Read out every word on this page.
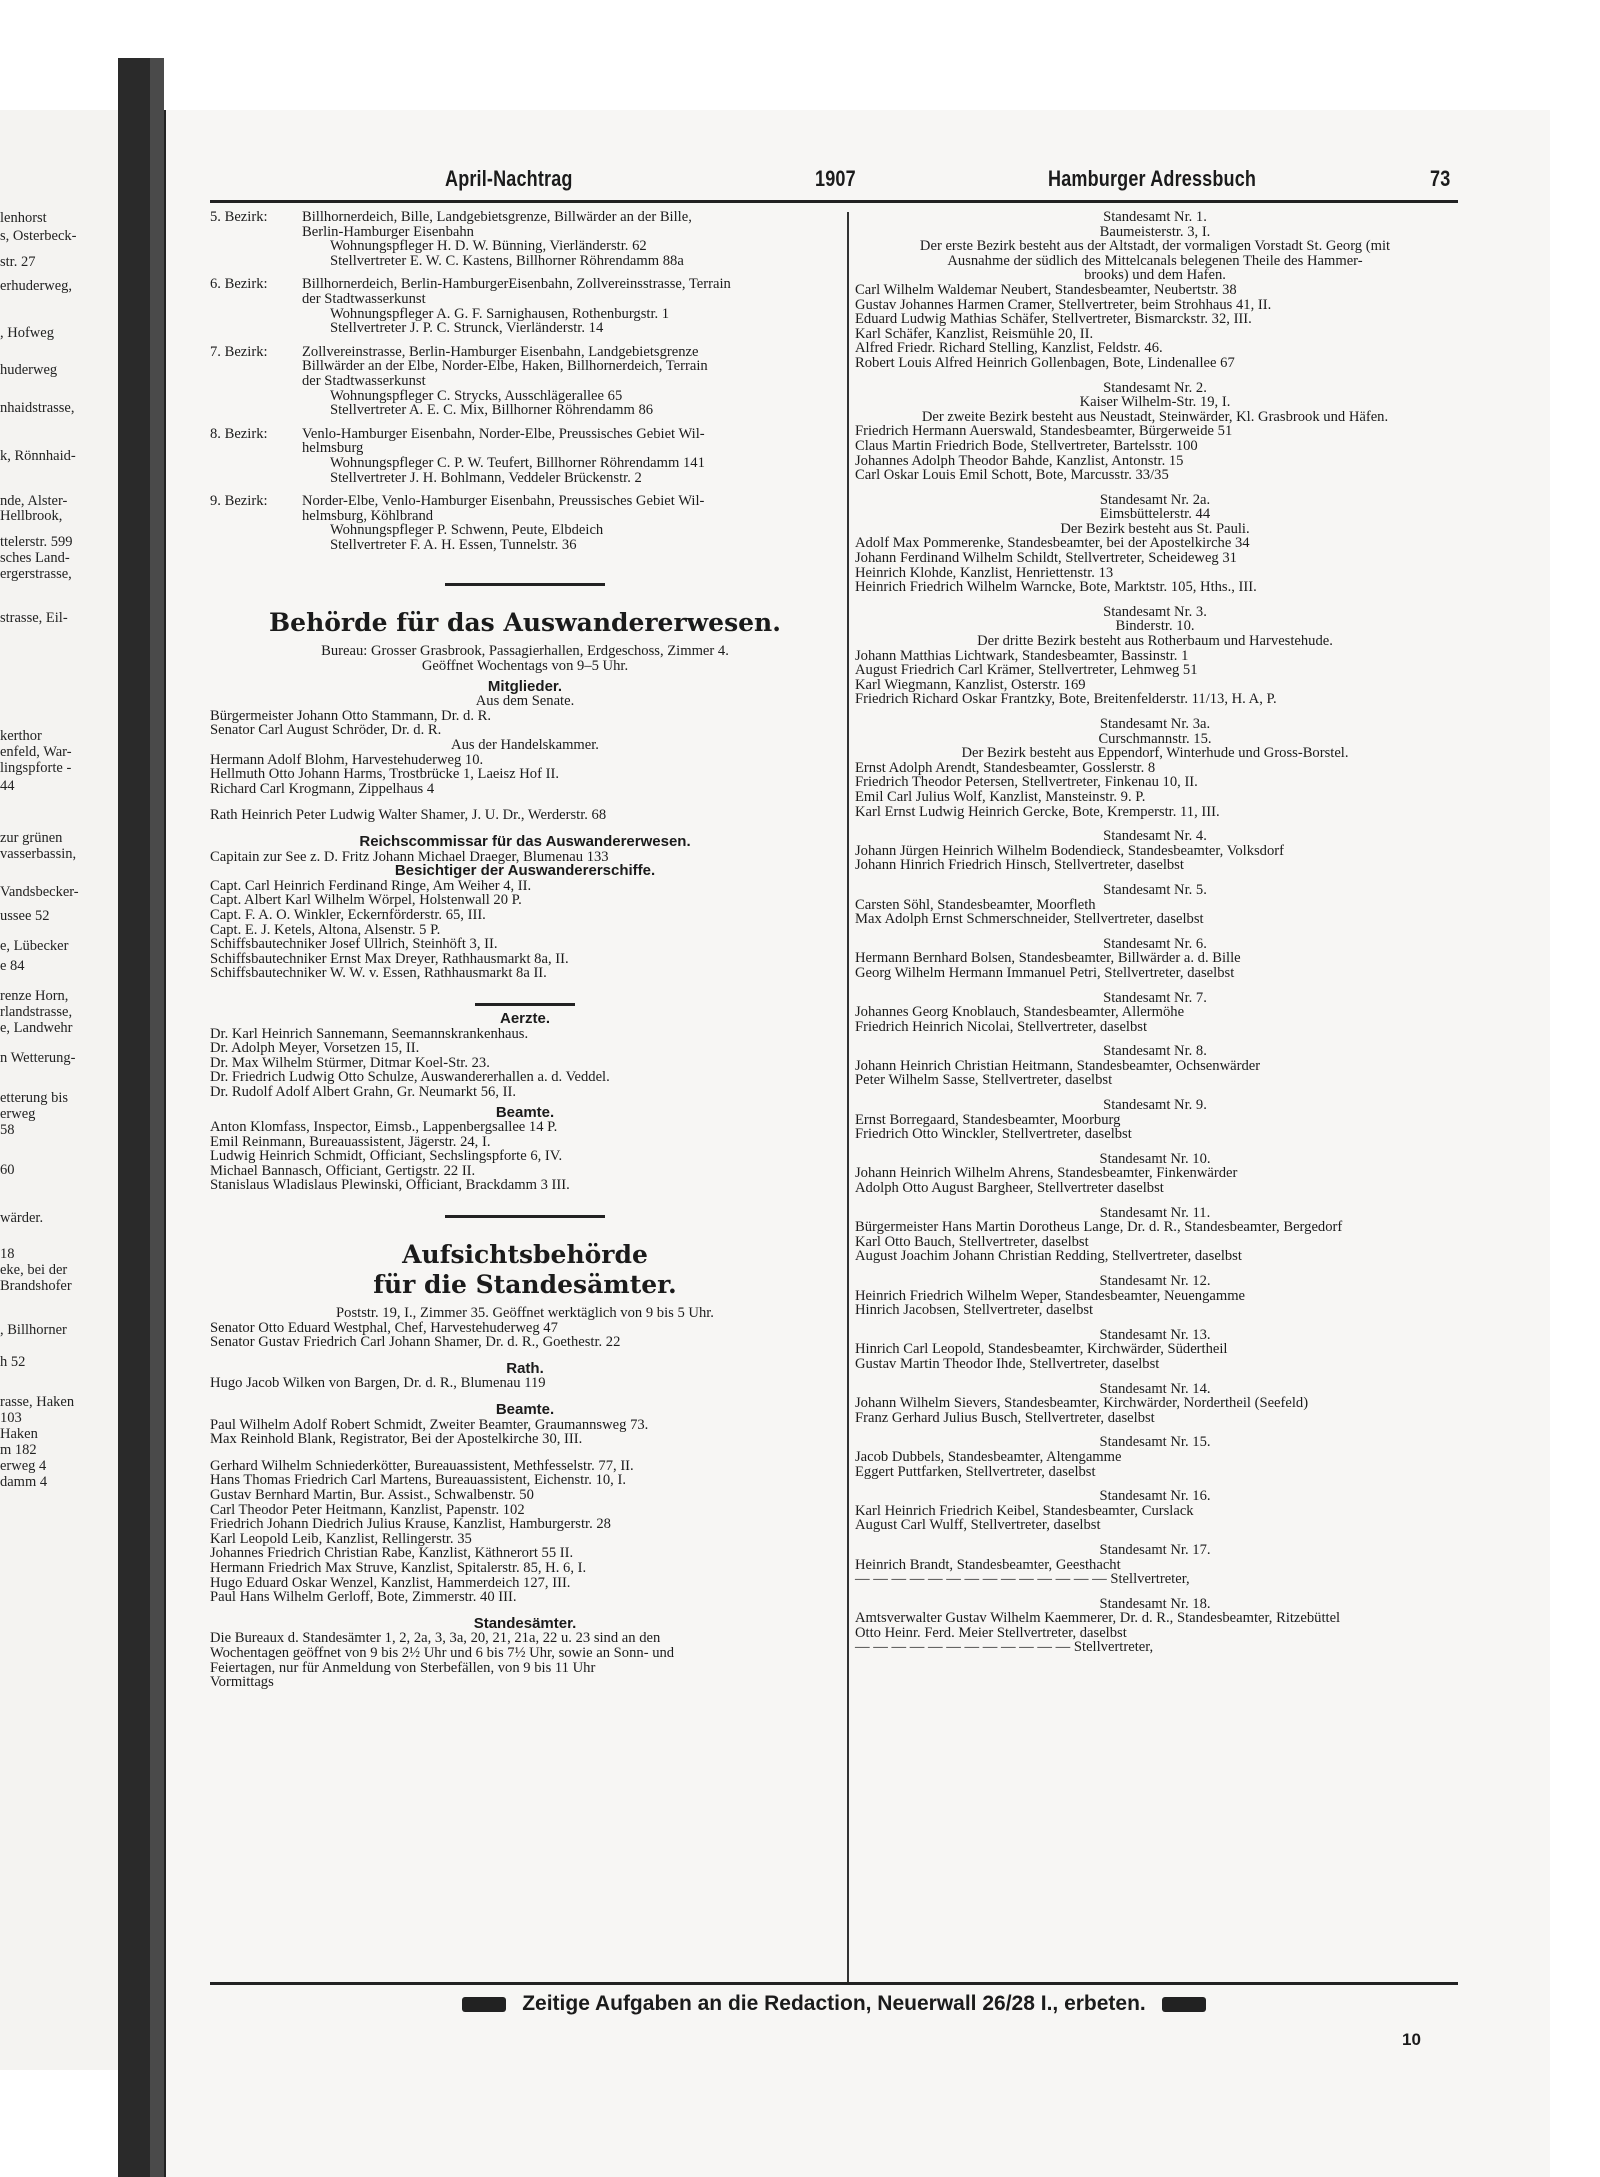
lenhorst
s, Osterbeck-
str. 27
erhuderweg,
, Hofweg
huderweg
nhaidstrasse,
k, Rönnhaid-
nde, Alster-
Hellbrook,
ttelerstr. 599
sches Land-
ergerstrasse,
strasse, Eil-
kerthor
enfeld, War-
lingspforte -
44
zur grünen
vasserbassin,
Vandsbecker-
ussee 52
e, Lübecker
e 84
renze Horn,
rlandstrasse,
e, Landwehr
n Wetterung-
etterung bis
erweg
58
60
wärder.
18
eke, bei der
Brandshofer
, Billhorner
h 52
rasse, Haken
103
Haken
m 182
erweg 4
damm 4
April-Nachtrag	1907	Hamburger Adressbuch	73
5. Bezirk:	Billhornerdeich, Bille, Landgebietsgrenze, Billwärder an der Bille,
Berlin-Hamburger Eisenbahn
Wohnungspfleger H. D. W. Bünning, Vierländerstr. 62
Stellvertreter E. W. C. Kastens, Billhorner Röhrendamm 88a
6. Bezirk:	Billhornerdeich, Berlin-HamburgerEisenbahn, Zollvereinsstrasse, Terrain
der Stadtwasserkunst
Wohnungspfleger A. G. F. Sarnighausen, Rothenburgstr. 1
Stellvertreter J. P. C. Strunck, Vierländerstr. 14
7. Bezirk:	Zollvereinstrasse, Berlin-Hamburger Eisenbahn, Landgebietsgrenze
Billwärder an der Elbe, Norder-Elbe, Haken, Billhornerdeich, Terrain
der Stadtwasserkunst
Wohnungspfleger C. Strycks, Ausschlägerallee 65
Stellvertreter A. E. C. Mix, Billhorner Röhrendamm 86
8. Bezirk:	Venlo-Hamburger Eisenbahn, Norder-Elbe, Preussisches Gebiet Wil-
helmsburg
Wohnungspfleger C. P. W. Teufert, Billhorner Röhrendamm 141
Stellvertreter J. H. Bohlmann, Veddeler Brückenstr. 2
9. Bezirk:	Norder-Elbe, Venlo-Hamburger Eisenbahn, Preussisches Gebiet Wil-
helmsburg, Köhlbrand
Wohnungspfleger P. Schwenn, Peute, Elbdeich
Stellvertreter F. A. H. Essen, Tunnelstr. 36
Behörde für das Auswandererwesen.
Bureau: Grosser Grasbrook, Passagierhallen, Erdgeschoss, Zimmer 4.
Geöffnet Wochentags von 9–5 Uhr.
Mitglieder.
Aus dem Senate.
Bürgermeister Johann Otto Stammann, Dr. d. R.
Senator Carl August Schröder, Dr. d. R.
Aus der Handelskammer.
Hermann Adolf Blohm, Harvestehuderweg 10.
Hellmuth Otto Johann Harms, Trostbrücke 1, Laeisz Hof II.
Richard Carl Krogmann, Zippelhaus 4
Rath Heinrich Peter Ludwig Walter Shamer, J. U. Dr., Werderstr. 68
Reichscommissar für das Auswandererwesen.
Capitain zur See z. D. Fritz Johann Michael Draeger, Blumenau 133
Besichtiger der Auswandererschiffe.
Capt. Carl Heinrich Ferdinand Ringe, Am Weiher 4, II.
Capt. Albert Karl Wilhelm Wörpel, Holstenwall 20 P.
Capt. F. A. O. Winkler, Eckernförderstr. 65, III.
Capt. E. J. Ketels, Altona, Alsenstr. 5 P.
Schiffsbautechniker Josef Ullrich, Steinhöft 3, II.
Schiffsbautechniker Ernst Max Dreyer, Rathhausmarkt 8a, II.
Schiffsbautechniker W. W. v. Essen, Rathhausmarkt 8a II.
Aerzte.
Dr. Karl Heinrich Sannemann, Seemannskrankenhaus.
Dr. Adolph Meyer, Vorsetzen 15, II.
Dr. Max Wilhelm Stürmer, Ditmar Koel-Str. 23.
Dr. Friedrich Ludwig Otto Schulze, Auswandererhallen a. d. Veddel.
Dr. Rudolf Adolf Albert Grahn, Gr. Neumarkt 56, II.
Beamte.
Anton Klomfass, Inspector, Eimsb., Lappenbergsallee 14 P.
Emil Reinmann, Bureauassistent, Jägerstr. 24, I.
Ludwig Heinrich Schmidt, Officiant, Sechslingspforte 6, IV.
Michael Bannasch, Officiant, Gertigstr. 22 II.
Stanislaus Wladislaus Plewinski, Officiant, Brackdamm 3 III.
Aufsichtsbehörde
für die Standesämter.
Poststr. 19, I., Zimmer 35. Geöffnet werktäglich von 9 bis 5 Uhr.
Senator Otto Eduard Westphal, Chef, Harvestehuderweg 47
Senator Gustav Friedrich Carl Johann Shamer, Dr. d. R., Goethestr. 22
Rath.
Hugo Jacob Wilken von Bargen, Dr. d. R., Blumenau 119
Beamte.
Paul Wilhelm Adolf Robert Schmidt, Zweiter Beamter, Graumannsweg 73.
Max Reinhold Blank, Registrator, Bei der Apostelkirche 30, III.
Gerhard Wilhelm Schniederkötter, Bureauassistent, Methfesselstr. 77, II.
Hans Thomas Friedrich Carl Martens, Bureauassistent, Eichenstr. 10, I.
Gustav Bernhard Martin, Bur. Assist., Schwalbenstr. 50
Carl Theodor Peter Heitmann, Kanzlist, Papenstr. 102
Friedrich Johann Diedrich Julius Krause, Kanzlist, Hamburgerstr. 28
Karl Leopold Leib, Kanzlist, Rellingerstr. 35
Johannes Friedrich Christian Rabe, Kanzlist, Käthnerort 55 II.
Hermann Friedrich Max Struve, Kanzlist, Spitalerstr. 85, H. 6, I.
Hugo Eduard Oskar Wenzel, Kanzlist, Hammerdeich 127, III.
Paul Hans Wilhelm Gerloff, Bote, Zimmerstr. 40 III.
Standesämter.
Die Bureaux d. Standesämter 1, 2, 2a, 3, 3a, 20, 21, 21a, 22 u. 23 sind an den
Wochentagen geöffnet von 9 bis 2½ Uhr und 6 bis 7½ Uhr, sowie an Sonn- und
Feiertagen, nur für Anmeldung von Sterbefällen, von 9 bis 11 Uhr
Vormittags
Standesamt Nr. 1.
Baumeisterstr. 3, I.
Der erste Bezirk besteht aus der Altstadt, der vormaligen Vorstadt St. Georg (mit
Ausnahme der südlich des Mittelcanals belegenen Theile des Hammer-
brooks) und dem Hafen.
Carl Wilhelm Waldemar Neubert, Standesbeamter, Neubertstr. 38
Gustav Johannes Harmen Cramer, Stellvertreter, beim Strohhaus 41, II.
Eduard Ludwig Mathias Schäfer, Stellvertreter, Bismarckstr. 32, III.
Karl Schäfer, Kanzlist, Reismühle 20, II.
Alfred Friedr. Richard Stelling, Kanzlist, Feldstr. 46.
Robert Louis Alfred Heinrich Gollenbagen, Bote, Lindenallee 67
Standesamt Nr. 2.
Kaiser Wilhelm-Str. 19, I.
Der zweite Bezirk besteht aus Neustadt, Steinwärder, Kl. Grasbrook und Häfen.
Friedrich Hermann Auerswald, Standesbeamter, Bürgerweide 51
Claus Martin Friedrich Bode, Stellvertreter, Bartelsstr. 100
Johannes Adolph Theodor Bahde, Kanzlist, Antonstr. 15
Carl Oskar Louis Emil Schott, Bote, Marcusstr. 33/35
Standesamt Nr. 2a.
Eimsbüttelerstr. 44
Der Bezirk besteht aus St. Pauli.
Adolf Max Pommerenke, Standesbeamter, bei der Apostelkirche 34
Johann Ferdinand Wilhelm Schildt, Stellvertreter, Scheideweg 31
Heinrich Klohde, Kanzlist, Henriettenstr. 13
Heinrich Friedrich Wilhelm Warncke, Bote, Marktstr. 105, Hths., III.
Standesamt Nr. 3.
Binderstr. 10.
Der dritte Bezirk besteht aus Rotherbaum und Harvestehude.
Johann Matthias Lichtwark, Standesbeamter, Bassinstr. 1
August Friedrich Carl Krämer, Stellvertreter, Lehmweg 51
Karl Wiegmann, Kanzlist, Osterstr. 169
Friedrich Richard Oskar Frantzky, Bote, Breitenfelderstr. 11/13, H. A, P.
Standesamt Nr. 3a.
Curschmannstr. 15.
Der Bezirk besteht aus Eppendorf, Winterhude und Gross-Borstel.
Ernst Adolph Arendt, Standesbeamter, Gosslerstr. 8
Friedrich Theodor Petersen, Stellvertreter, Finkenau 10, II.
Emil Carl Julius Wolf, Kanzlist, Mansteinstr. 9. P.
Karl Ernst Ludwig Heinrich Gercke, Bote, Kremperstr. 11, III.
Standesamt Nr. 4.
Johann Jürgen Heinrich Wilhelm Bodendieck, Standesbeamter, Volksdorf
Johann Hinrich Friedrich Hinsch, Stellvertreter, daselbst
Standesamt Nr. 5.
Carsten Söhl, Standesbeamter, Moorfleth
Max Adolph Ernst Schmerschneider, Stellvertreter, daselbst
Standesamt Nr. 6.
Hermann Bernhard Bolsen, Standesbeamter, Billwärder a. d. Bille
Georg Wilhelm Hermann Immanuel Petri, Stellvertreter, daselbst
Standesamt Nr. 7.
Johannes Georg Knoblauch, Standesbeamter, Allermöhe
Friedrich Heinrich Nicolai, Stellvertreter, daselbst
Standesamt Nr. 8.
Johann Heinrich Christian Heitmann, Standesbeamter, Ochsenwärder
Peter Wilhelm Sasse, Stellvertreter, daselbst
Standesamt Nr. 9.
Ernst Borregaard, Standesbeamter, Moorburg
Friedrich Otto Winckler, Stellvertreter, daselbst
Standesamt Nr. 10.
Johann Heinrich Wilhelm Ahrens, Standesbeamter, Finkenwärder
Adolph Otto August Bargheer, Stellvertreter daselbst
Standesamt Nr. 11.
Bürgermeister Hans Martin Dorotheus Lange, Dr. d. R., Standesbeamter, Bergedorf
Karl Otto Bauch, Stellvertreter, daselbst
August Joachim Johann Christian Redding, Stellvertreter, daselbst
Standesamt Nr. 12.
Heinrich Friedrich Wilhelm Weper, Standesbeamter, Neuengamme
Hinrich Jacobsen, Stellvertreter, daselbst
Standesamt Nr. 13.
Hinrich Carl Leopold, Standesbeamter, Kirchwärder, Südertheil
Gustav Martin Theodor Ihde, Stellvertreter, daselbst
Standesamt Nr. 14.
Johann Wilhelm Sievers, Standesbeamter, Kirchwärder, Nordertheil (Seefeld)
Franz Gerhard Julius Busch, Stellvertreter, daselbst
Standesamt Nr. 15.
Jacob Dubbels, Standesbeamter, Altengamme
Eggert Puttfarken, Stellvertreter, daselbst
Standesamt Nr. 16.
Karl Heinrich Friedrich Keibel, Standesbeamter, Curslack
August Carl Wulff, Stellvertreter, daselbst
Standesamt Nr. 17.
Heinrich Brandt, Standesbeamter, Geesthacht
— — — — — — — — — — — — — — Stellvertreter,
Standesamt Nr. 18.
Amtsverwalter Gustav Wilhelm Kaemmerer, Dr. d. R., Standesbeamter, Ritzebüttel
Otto Heinr. Ferd. Meier Stellvertreter, daselbst
— — — — — — — — — — — — Stellvertreter,
Zeitige Aufgaben an die Redaction, Neuerwall 26/28 I., erbeten.
10
